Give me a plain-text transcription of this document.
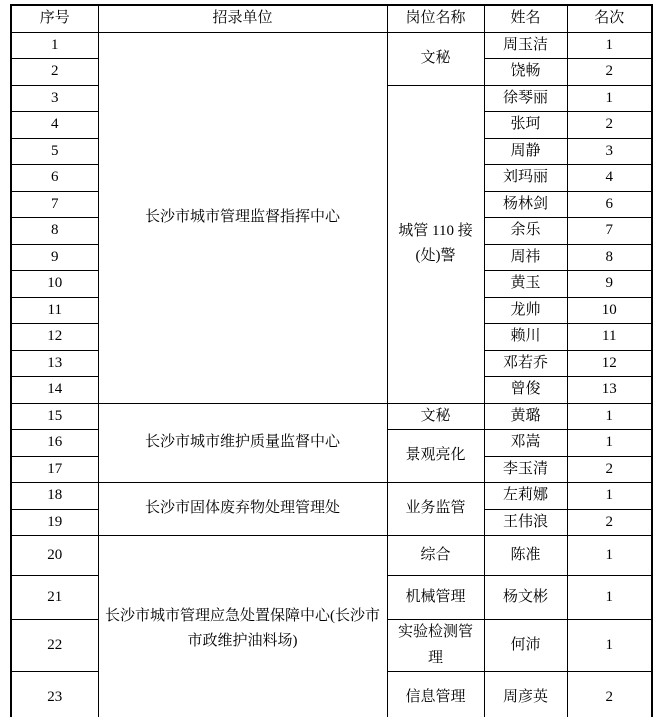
序号	招录单位	岗位名称	姓名	名次
1	长沙市城市管理监督指挥中心	文秘	周玉洁	1
2			饶畅	2
3		城管 110 接(处)警	徐琴丽	1
4			张珂	2
5			周静	3
6			刘玛丽	4
7			杨林剑	6
8			余乐	7
9			周祎	8
10			黄玉	9
11			龙帅	10
12			赖川	11
13			邓若乔	12
14			曾俊	13
15	长沙市城市维护质量监督中心	文秘	黄璐	1
16		景观亮化	邓嵩	1
17			李玉清	2
18	长沙市固体废弃物处理管理处	业务监管	左莉娜	1
19			王伟浪	2
20	长沙市城市管理应急处置保障中心(长沙市市政维护油料场)	综合	陈准	1
21		机械管理	杨文彬	1
22		实验检测管理	何沛	1
23		信息管理	周彦英	2
